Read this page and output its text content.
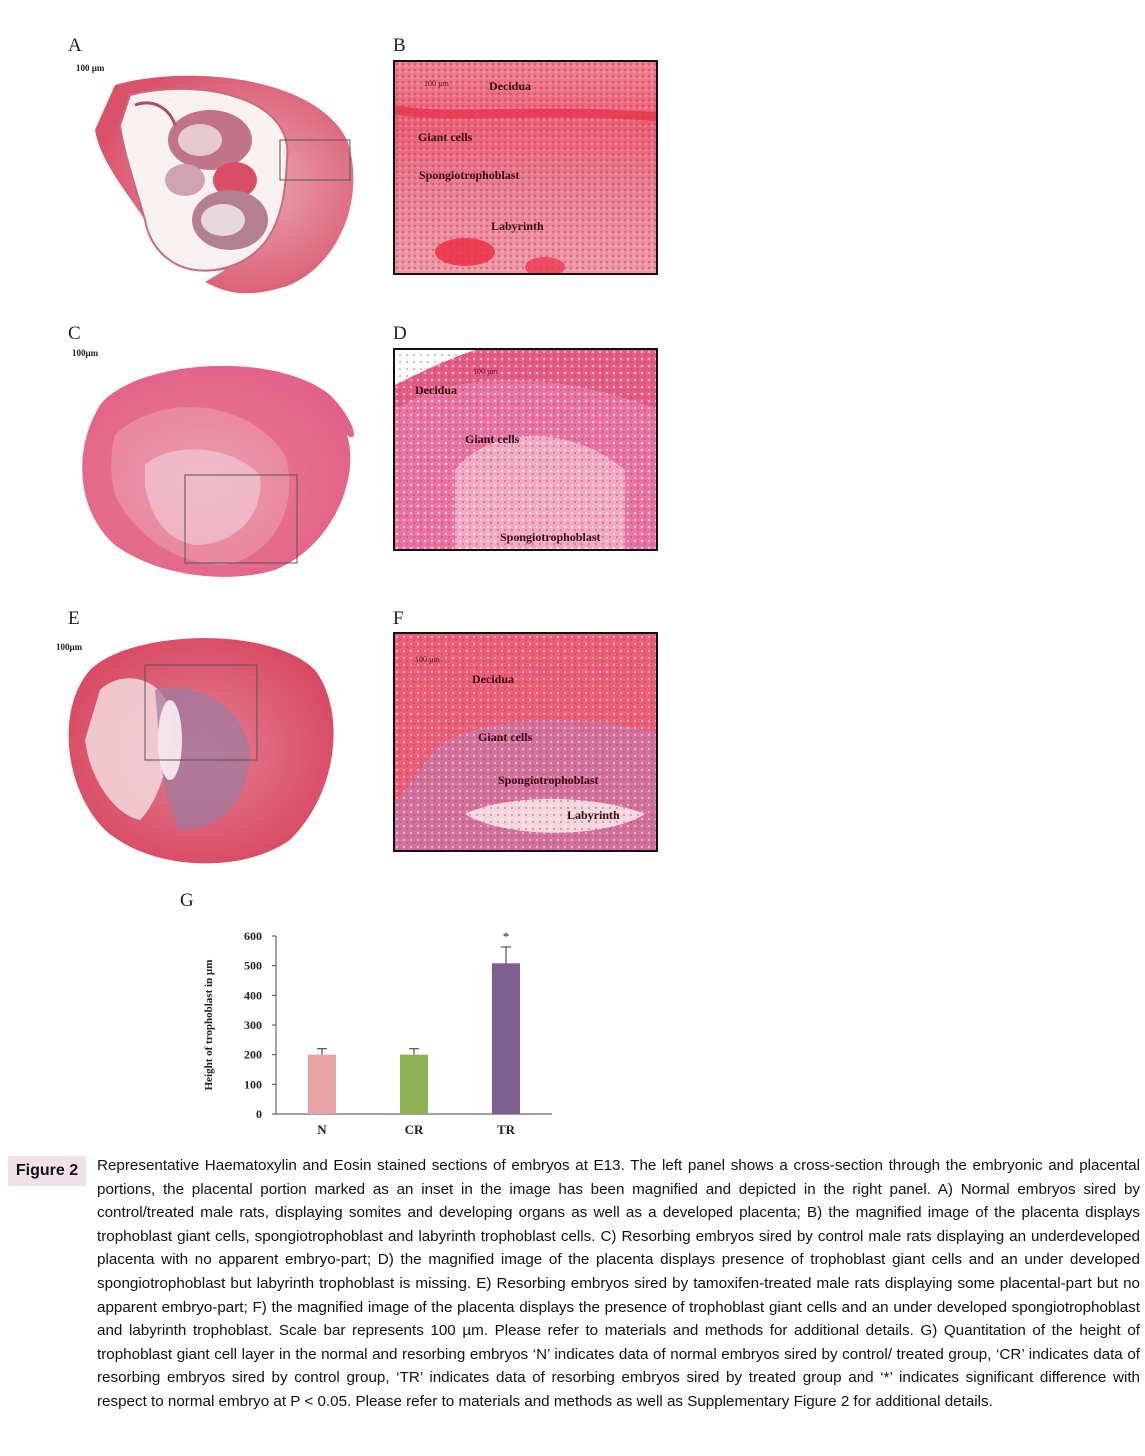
A	B
C	D
E	F
G
100 µm
100µm
100µm
100 µm	Decidua
Giant cells
Spongiotrophoblast
Labyrinth
100 µm
Decidua
Giant cells
Spongiotrophoblast
100 µm
Decidua
Giant cells
Spongiotrophoblast
Labyrinth
0
100
200
300
400
500
600
Height of trophoblast in µm
N	CR	TR
*
Figure 2	Representative Haematoxylin and Eosin stained sections of embryos at E13. The left panel shows a cross-section through the embryonic and placental portions, the placental portion marked as an inset in the image has been magnified and depicted in the right panel. A) Normal embryos sired by control/treated male rats, displaying somites and developing organs as well as a developed placenta; B) the magnified image of the placenta displays trophoblast giant cells, spongiotrophoblast and labyrinth trophoblast cells. C) Resorbing embryos sired by control male rats displaying an underdeveloped placenta with no apparent embryo-part; D) the magnified image of the placenta displays presence of trophoblast giant cells and an under developed spongiotrophoblast but labyrinth trophoblast is missing. E) Resorbing embryos sired by tamoxifen-treated male rats displaying some placental-part but no apparent embryo-part; F) the magnified image of the placenta displays the presence of trophoblast giant cells and an under developed spongiotrophoblast and labyrinth trophoblast. Scale bar represents 100 µm. Please refer to materials and methods for additional details. G) Quantitation of the height of trophoblast giant cell layer in the normal and resorbing embryos ‘N’ indicates data of normal embryos sired by control/ treated group, ‘CR’ indicates data of resorbing embryos sired by control group, ‘TR’ indicates data of resorbing embryos sired by treated group and ‘*’ indicates significant difference with respect to normal embryo at P < 0.05. Please refer to materials and methods as well as Supplementary Figure 2 for additional details.
